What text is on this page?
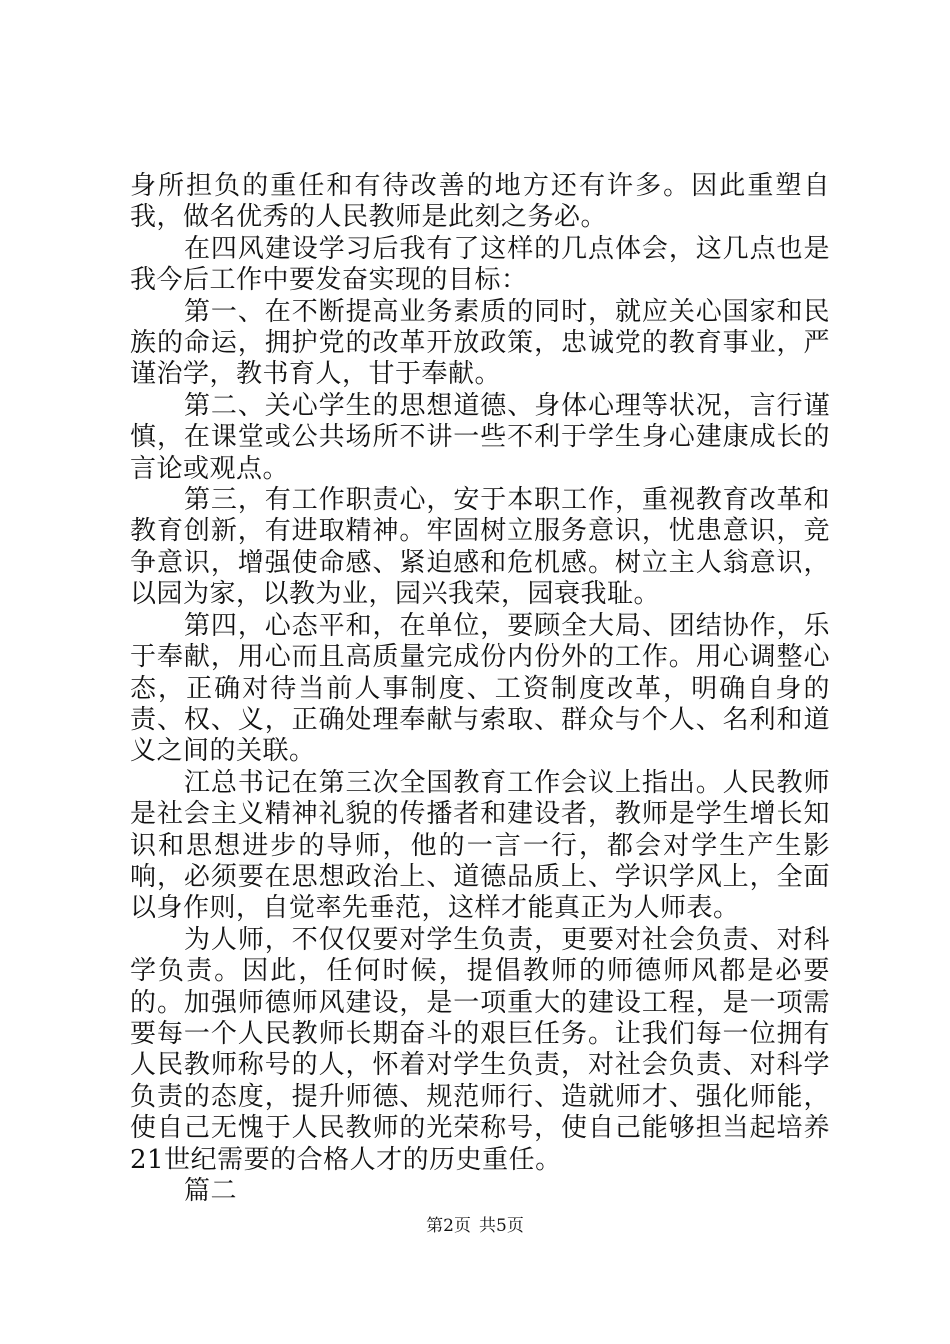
身所担负的重任和有待改善的地方还有许多。因此重塑自我，做名优秀的人民教师是此刻之务必。

在四风建设学习后我有了这样的几点体会，这几点也是我今后工作中要发奋实现的目标：

第一、在不断提高业务素质的同时，就应关心国家和民族的命运，拥护党的改革开放政策，忠诚党的教育事业，严谨治学，教书育人，甘于奉献。

第二、关心学生的思想道德、身体心理等状况，言行谨慎，在课堂或公共场所不讲一些不利于学生身心建康成长的言论或观点。

第三，有工作职责心，安于本职工作，重视教育改革和教育创新，有进取精神。牢固树立服务意识，忧患意识，竞争意识，增强使命感、紧迫感和危机感。树立主人翁意识，以园为家，以教为业，园兴我荣，园衰我耻。

第四，心态平和，在单位，要顾全大局、团结协作，乐于奉献，用心而且高质量完成份内份外的工作。用心调整心态，正确对待当前人事制度、工资制度改革，明确自身的责、权、义，正确处理奉献与索取、群众与个人、名利和道义之间的关联。

江总书记在第三次全国教育工作会议上指出。人民教师是社会主义精神礼貌的传播者和建设者，教师是学生增长知识和思想进步的导师，他的一言一行，都会对学生产生影响，必须要在思想政治上、道德品质上、学识学风上，全面以身作则，自觉率先垂范，这样才能真正为人师表。

为人师，不仅仅要对学生负责，更要对社会负责、对科学负责。因此，任何时候，提倡教师的师德师风都是必要的。加强师德师风建设，是一项重大的建设工程，是一项需要每一个人民教师长期奋斗的艰巨任务。让我们每一位拥有人民教师称号的人，怀着对学生负责，对社会负责、对科学负责的态度，提升师德、规范师行、造就师才、强化师能，使自己无愧于人民教师的光荣称号，使自己能够担当起培养21世纪需要的合格人才的历史重任。

篇二

第2页 共5页
